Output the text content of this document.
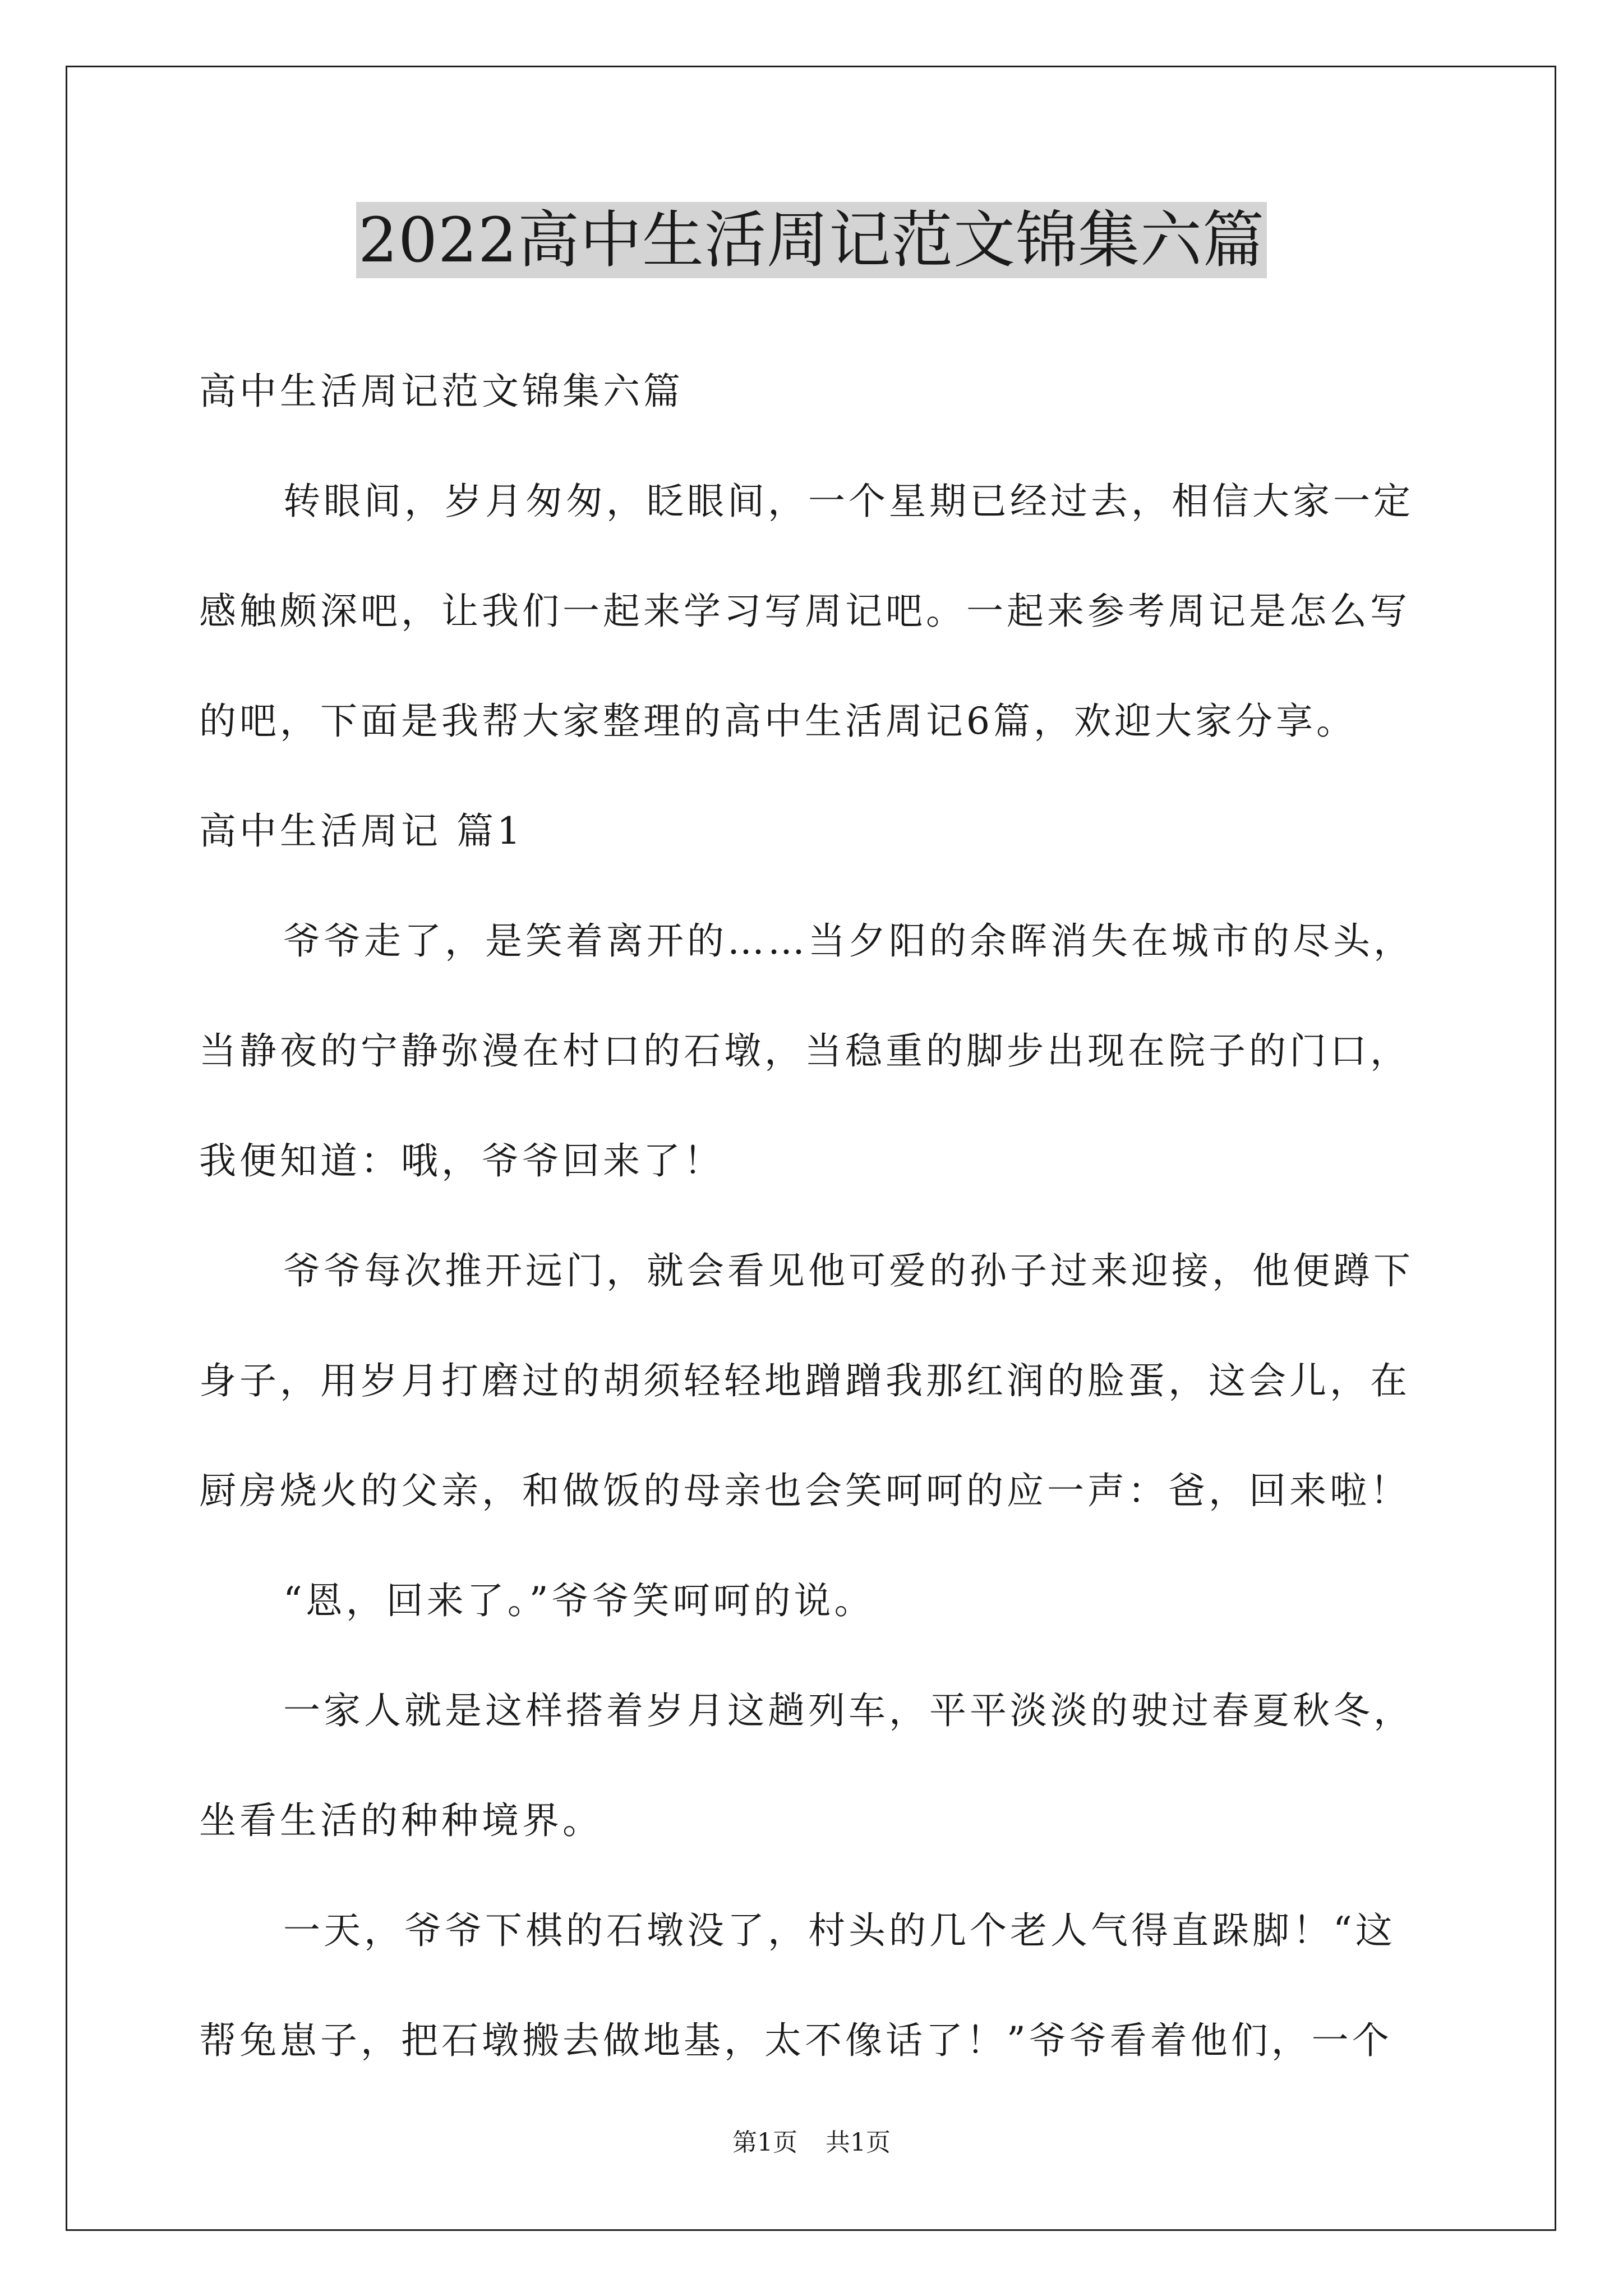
2022高中生活周记范文锦集六篇

高中生活周记范文锦集六篇

转眼间，岁月匆匆，眨眼间，一个星期已经过去，相信大家一定感触颇深吧，让我们一起来学习写周记吧。一起来参考周记是怎么写的吧，下面是我帮大家整理的高中生活周记6篇，欢迎大家分享。

高中生活周记 篇1

爷爷走了，是笑着离开的……当夕阳的余晖消失在城市的尽头，当静夜的宁静弥漫在村口的石墩，当稳重的脚步出现在院子的门口，我便知道：哦，爷爷回来了！

爷爷每次推开远门，就会看见他可爱的孙子过来迎接，他便蹲下身子，用岁月打磨过的胡须轻轻地蹭蹭我那红润的脸蛋，这会儿，在厨房烧火的父亲，和做饭的母亲也会笑呵呵的应一声：爸，回来啦！

“恩，回来了。”爷爷笑呵呵的说。

一家人就是这样搭着岁月这趟列车，平平淡淡的驶过春夏秋冬，坐看生活的种种境界。

一天，爷爷下棋的石墩没了，村头的几个老人气得直跺脚！“这帮兔崽子，把石墩搬去做地基，太不像话了！”爷爷看着他们，一个

第1页 共1页
